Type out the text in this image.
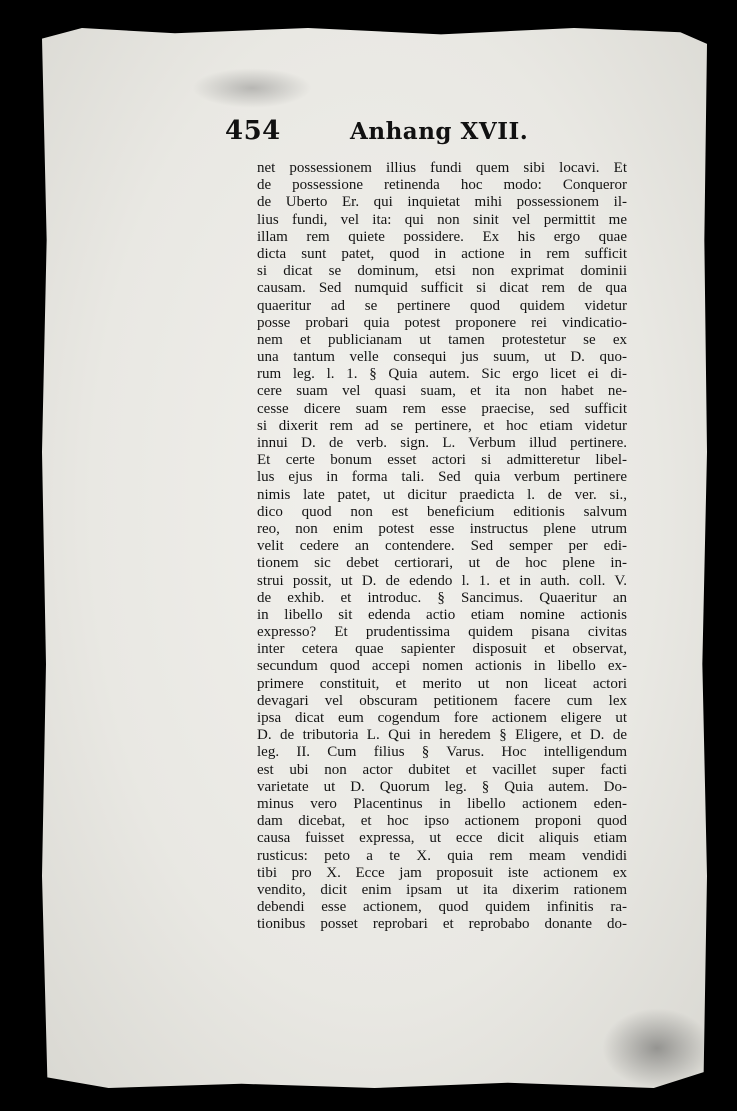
454	Anhang XVII.
net possessionem illius fundi quem sibi locavi. Et
de possessione retinenda hoc modo: Conqueror
de Uberto Er. qui inquietat mihi possessionem il-
lius fundi, vel ita: qui non sinit vel permittit me
illam rem quiete possidere. Ex his ergo quae
dicta sunt patet, quod in actione in rem sufficit
si dicat se dominum, etsi non exprimat dominii
causam. Sed numquid sufficit si dicat rem de qua
quaeritur ad se pertinere quod quidem videtur
posse probari quia potest proponere rei vindicatio-
nem et publicianam ut tamen protestetur se ex
una tantum velle consequi jus suum, ut D. quo-
rum leg. l. 1. § Quia autem. Sic ergo licet ei di-
cere suam vel quasi suam, et ita non habet ne-
cesse dicere suam rem esse praecise, sed sufficit
si dixerit rem ad se pertinere, et hoc etiam videtur
innui D. de verb. sign. L. Verbum illud pertinere.
Et certe bonum esset actori si admitteretur libel-
lus ejus in forma tali. Sed quia verbum pertinere
nimis late patet, ut dicitur praedicta l. de ver. si.,
dico quod non est beneficium editionis salvum
reo, non enim potest esse instructus plene utrum
velit cedere an contendere. Sed semper per edi-
tionem sic debet certiorari, ut de hoc plene in-
strui possit, ut D. de edendo l. 1. et in auth. coll. V.
de exhib. et introduc. § Sancimus. Quaeritur an
in libello sit edenda actio etiam nomine actionis
expresso? Et prudentissima quidem pisana civitas
inter cetera quae sapienter disposuit et observat,
secundum quod accepi nomen actionis in libello ex-
primere constituit, et merito ut non liceat actori
devagari vel obscuram petitionem facere cum lex
ipsa dicat eum cogendum fore actionem eligere ut
D. de tributoria L. Qui in heredem § Eligere, et D. de
leg. II. Cum filius § Varus. Hoc intelligendum
est ubi non actor dubitet et vacillet super facti
varietate ut D. Quorum leg. § Quia autem. Do-
minus vero Placentinus in libello actionem eden-
dam dicebat, et hoc ipso actionem proponi quod
causa fuisset expressa, ut ecce dicit aliquis etiam
rusticus: peto a te X. quia rem meam vendidi
tibi pro X. Ecce jam proposuit iste actionem ex
vendito, dicit enim ipsam ut ita dixerim rationem
debendi esse actionem, quod quidem infinitis ra-
tionibus posset reprobari et reprobabo donante do-
